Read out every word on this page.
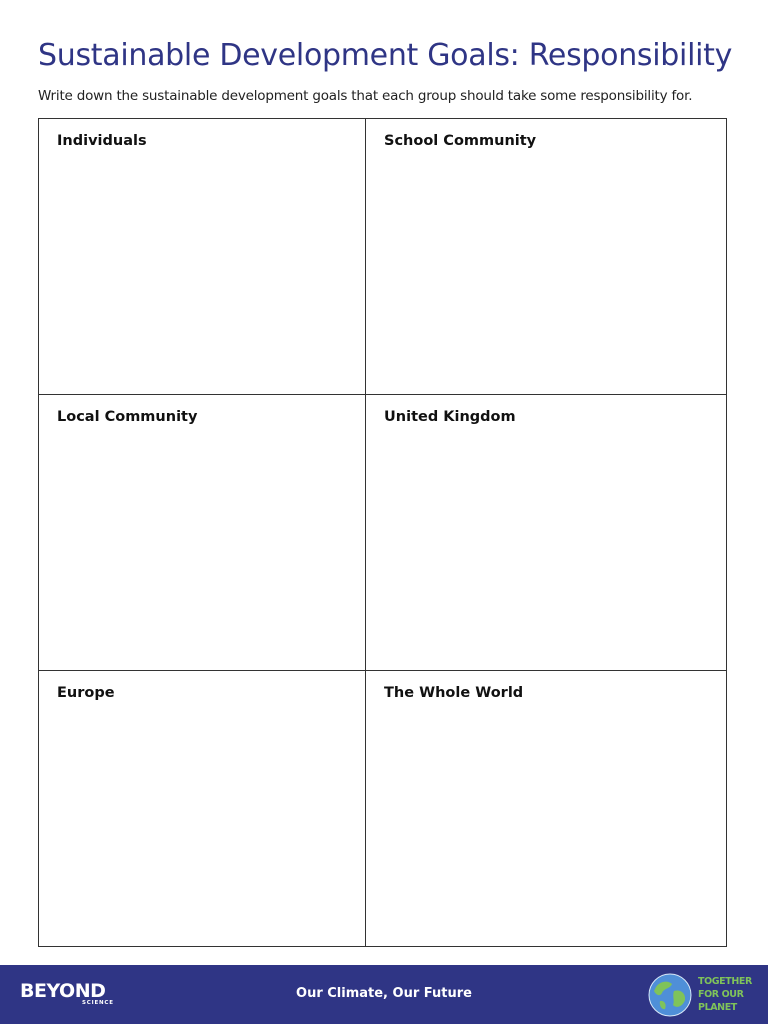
Sustainable Development Goals: Responsibility

Write down the sustainable development goals that each group should take some responsibility for.

Individuals	School Community
Local Community	United Kingdom
Europe	The Whole World
BEYOND
SCIENCE
Our Climate, Our Future
TOGETHER
FOR OUR
PLANET
